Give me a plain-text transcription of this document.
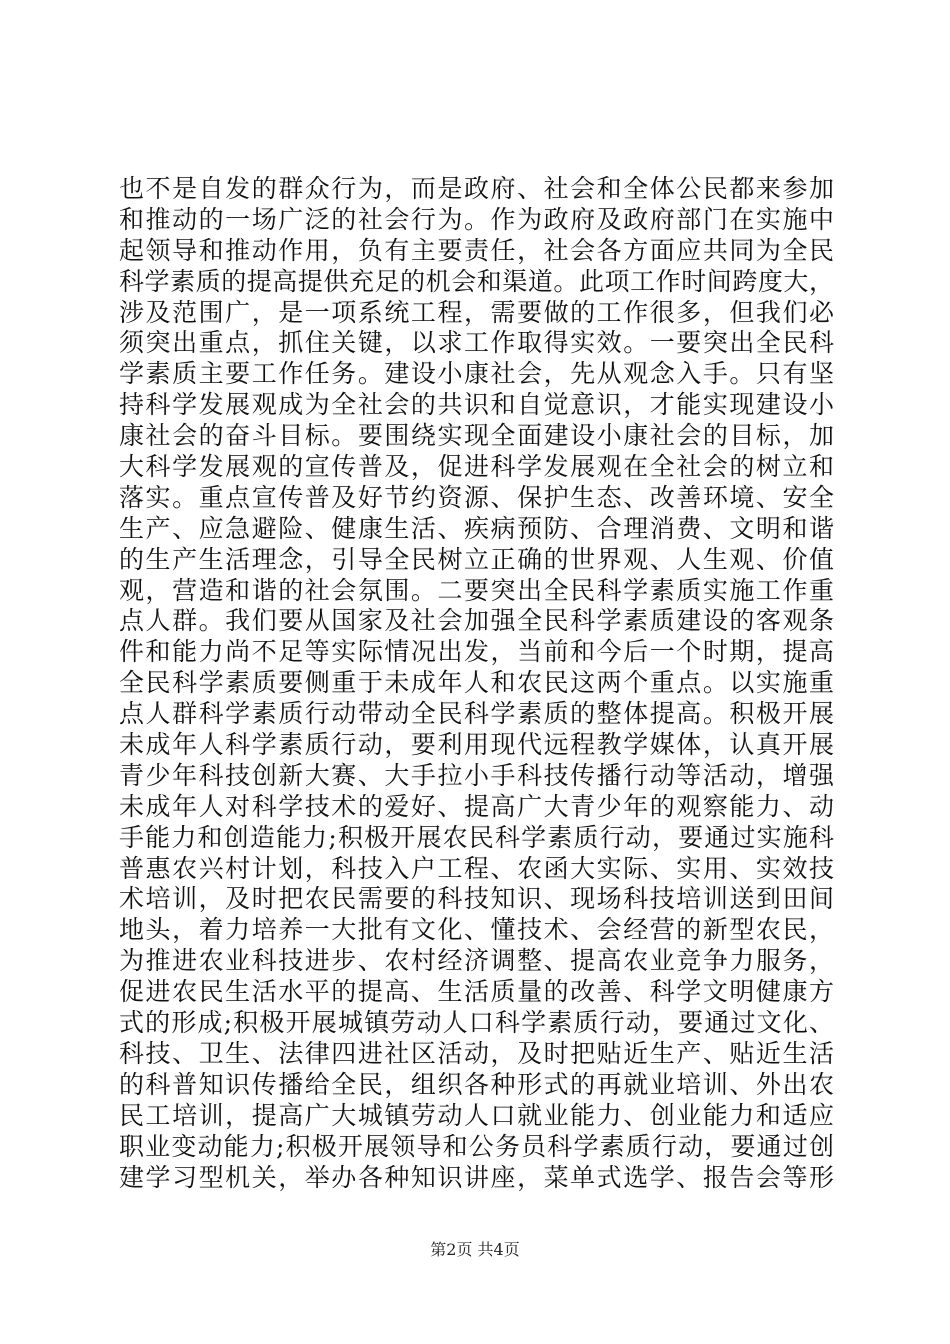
也不是自发的群众行为，而是政府、社会和全体公民都来参加
和推动的一场广泛的社会行为。作为政府及政府部门在实施中
起领导和推动作用，负有主要责任，社会各方面应共同为全民
科学素质的提高提供充足的机会和渠道。此项工作时间跨度大，
涉及范围广，是一项系统工程，需要做的工作很多，但我们必
须突出重点，抓住关键，以求工作取得实效。一要突出全民科
学素质主要工作任务。建设小康社会，先从观念入手。只有坚
持科学发展观成为全社会的共识和自觉意识，才能实现建设小
康社会的奋斗目标。要围绕实现全面建设小康社会的目标，加
大科学发展观的宣传普及，促进科学发展观在全社会的树立和
落实。重点宣传普及好节约资源、保护生态、改善环境、安全
生产、应急避险、健康生活、疾病预防、合理消费、文明和谐
的生产生活理念，引导全民树立正确的世界观、人生观、价值
观，营造和谐的社会氛围。二要突出全民科学素质实施工作重
点人群。我们要从国家及社会加强全民科学素质建设的客观条
件和能力尚不足等实际情况出发，当前和今后一个时期，提高
全民科学素质要侧重于未成年人和农民这两个重点。以实施重
点人群科学素质行动带动全民科学素质的整体提高。积极开展
未成年人科学素质行动，要利用现代远程教学媒体，认真开展
青少年科技创新大赛、大手拉小手科技传播行动等活动，增强
未成年人对科学技术的爱好、提高广大青少年的观察能力、动
手能力和创造能力;积极开展农民科学素质行动，要通过实施科
普惠农兴村计划，科技入户工程、农函大实际、实用、实效技
术培训，及时把农民需要的科技知识、现场科技培训送到田间
地头，着力培养一大批有文化、懂技术、会经营的新型农民，
为推进农业科技进步、农村经济调整、提高农业竞争力服务，
促进农民生活水平的提高、生活质量的改善、科学文明健康方
式的形成;积极开展城镇劳动人口科学素质行动，要通过文化、
科技、卫生、法律四进社区活动，及时把贴近生产、贴近生活
的科普知识传播给全民，组织各种形式的再就业培训、外出农
民工培训，提高广大城镇劳动人口就业能力、创业能力和适应
职业变动能力;积极开展领导和公务员科学素质行动，要通过创
建学习型机关，举办各种知识讲座，菜单式选学、报告会等形
第2页 共4页
